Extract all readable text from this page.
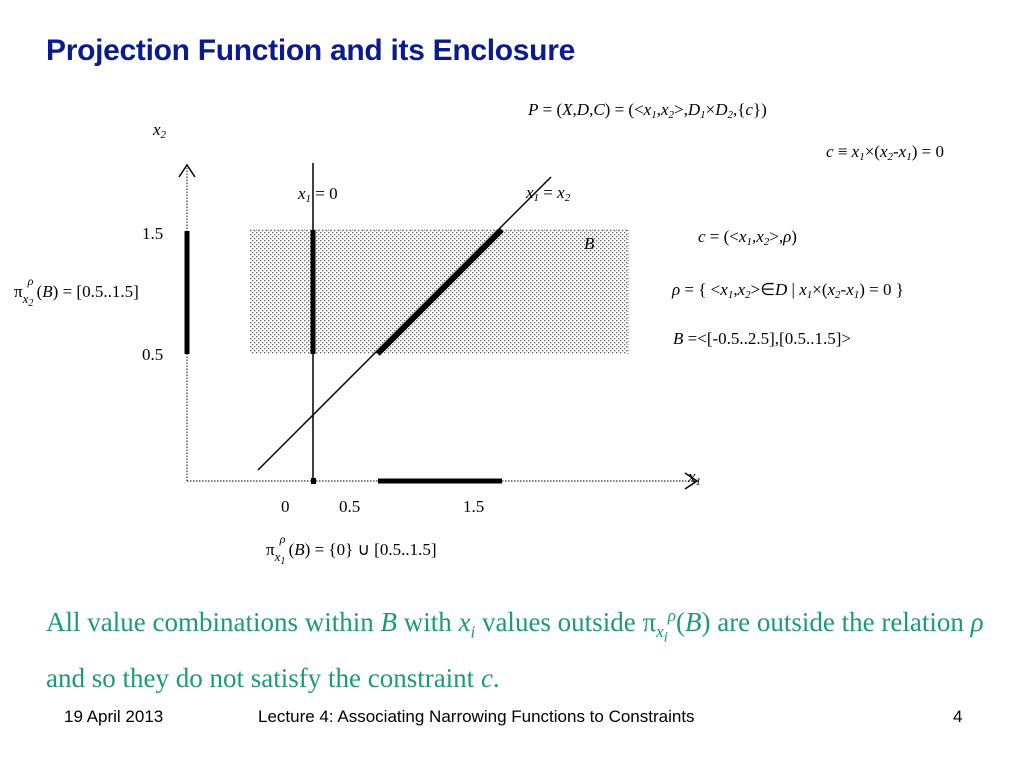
Projection Function and its Enclosure
$P = (X,D,C) = (<x_1,x_2>,D_1\times D_2,\{c\})$
$c \equiv x_1\times(x_2-x_1) = 0$
$c = (<x_1,x_2>,\rho)$
ρ = { $<x_1,x_2>\in D$ | $x_1\times(x_2-x_1) = 0$ }
B =<[-0.5..2.5],[0.5..1.5]>
$x_2$
$x_1$
$x_1 = 0$	$x_1 = x_2$
B
1.5
0.5
0	0.5	1.5
π
ρ
$x_2$
(B) = [0.5..1.5]
π
ρ
$x_1$
(B) = {0} ∪ [0.5..1.5]
All value combinations within B with $x_i$ values outside $\pi_{x_i}^\rho(B)$ are outside the relation ρ and so they do not satisfy the constraint c.
19 April 2013	Lecture 4: Associating Narrowing Functions to Constraints	4
